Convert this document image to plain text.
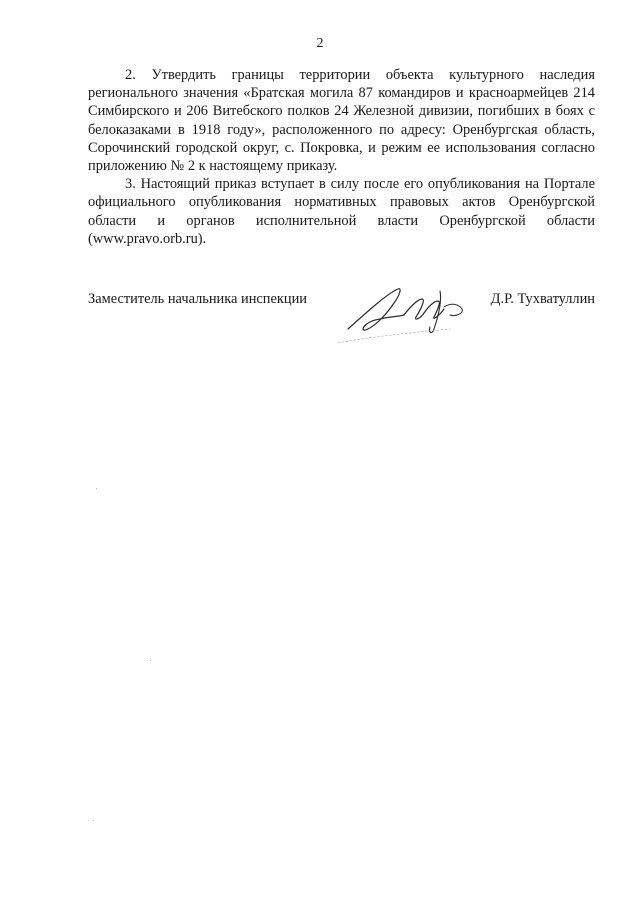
2

2. Утвердить границы территории объекта культурного наследия регионального значения «Братская могила 87 командиров и красноармейцев 214 Симбирского и 206 Витебского полков 24 Железной дивизии, погибших в боях с белоказаками в 1918 году», расположенного по адресу: Оренбургская область, Сорочинский городской округ, с. Покровка, и режим ее использования согласно приложению № 2 к настоящему приказу.

3. Настоящий приказ вступает в силу после его опубликования на Портале официального опубликования нормативных правовых актов Оренбургской области и органов исполнительной власти Оренбургской области (www.pravo.orb.ru).

Заместитель начальника инспекции	Д.Р. Тухватуллин
